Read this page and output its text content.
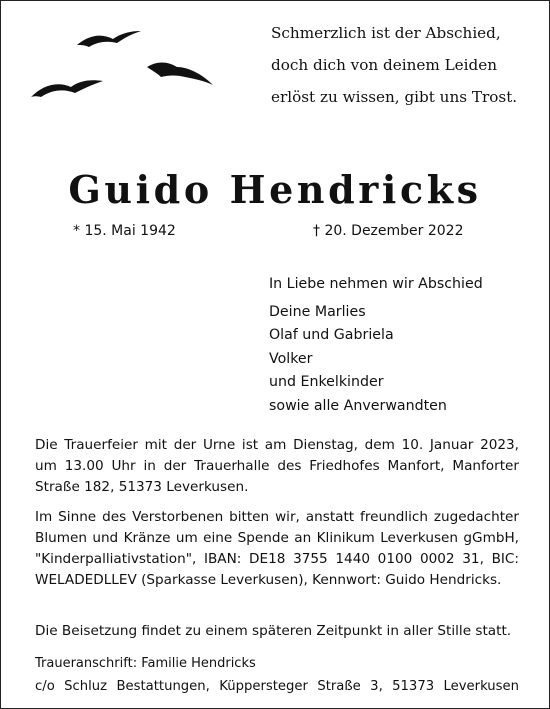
Schmerzlich ist der Abschied,
doch dich von deinem Leiden
erlöst zu wissen, gibt uns Trost.
Guido Hendricks
* 15. Mai 1942	† 20. Dezember 2022
In Liebe nehmen wir Abschied
Deine Marlies
Olaf und Gabriela
Volker
und Enkelkinder
sowie alle Anverwandten
Die Trauerfeier mit der Urne ist am Dienstag, dem 10. Januar 2023, um 13.00 Uhr in der Trauerhalle des Friedhofes Manfort, Manforter Straße 182, 51373 Leverkusen.
Im Sinne des Verstorbenen bitten wir, anstatt freundlich zugedachter Blumen und Kränze um eine Spende an Klinikum Leverkusen gGmbH, "Kinderpalliativstation", IBAN: DE18 3755 1440 0100 0002 31, BIC: WELADEDLLEV (Sparkasse Leverkusen), Kennwort: Guido Hendricks.
Die Beisetzung findet zu einem späteren Zeitpunkt in aller Stille statt.
Traueranschrift: Familie Hendricks
c/o Schluz Bestattungen, Küppersteger Straße 3, 51373 Leverkusen
